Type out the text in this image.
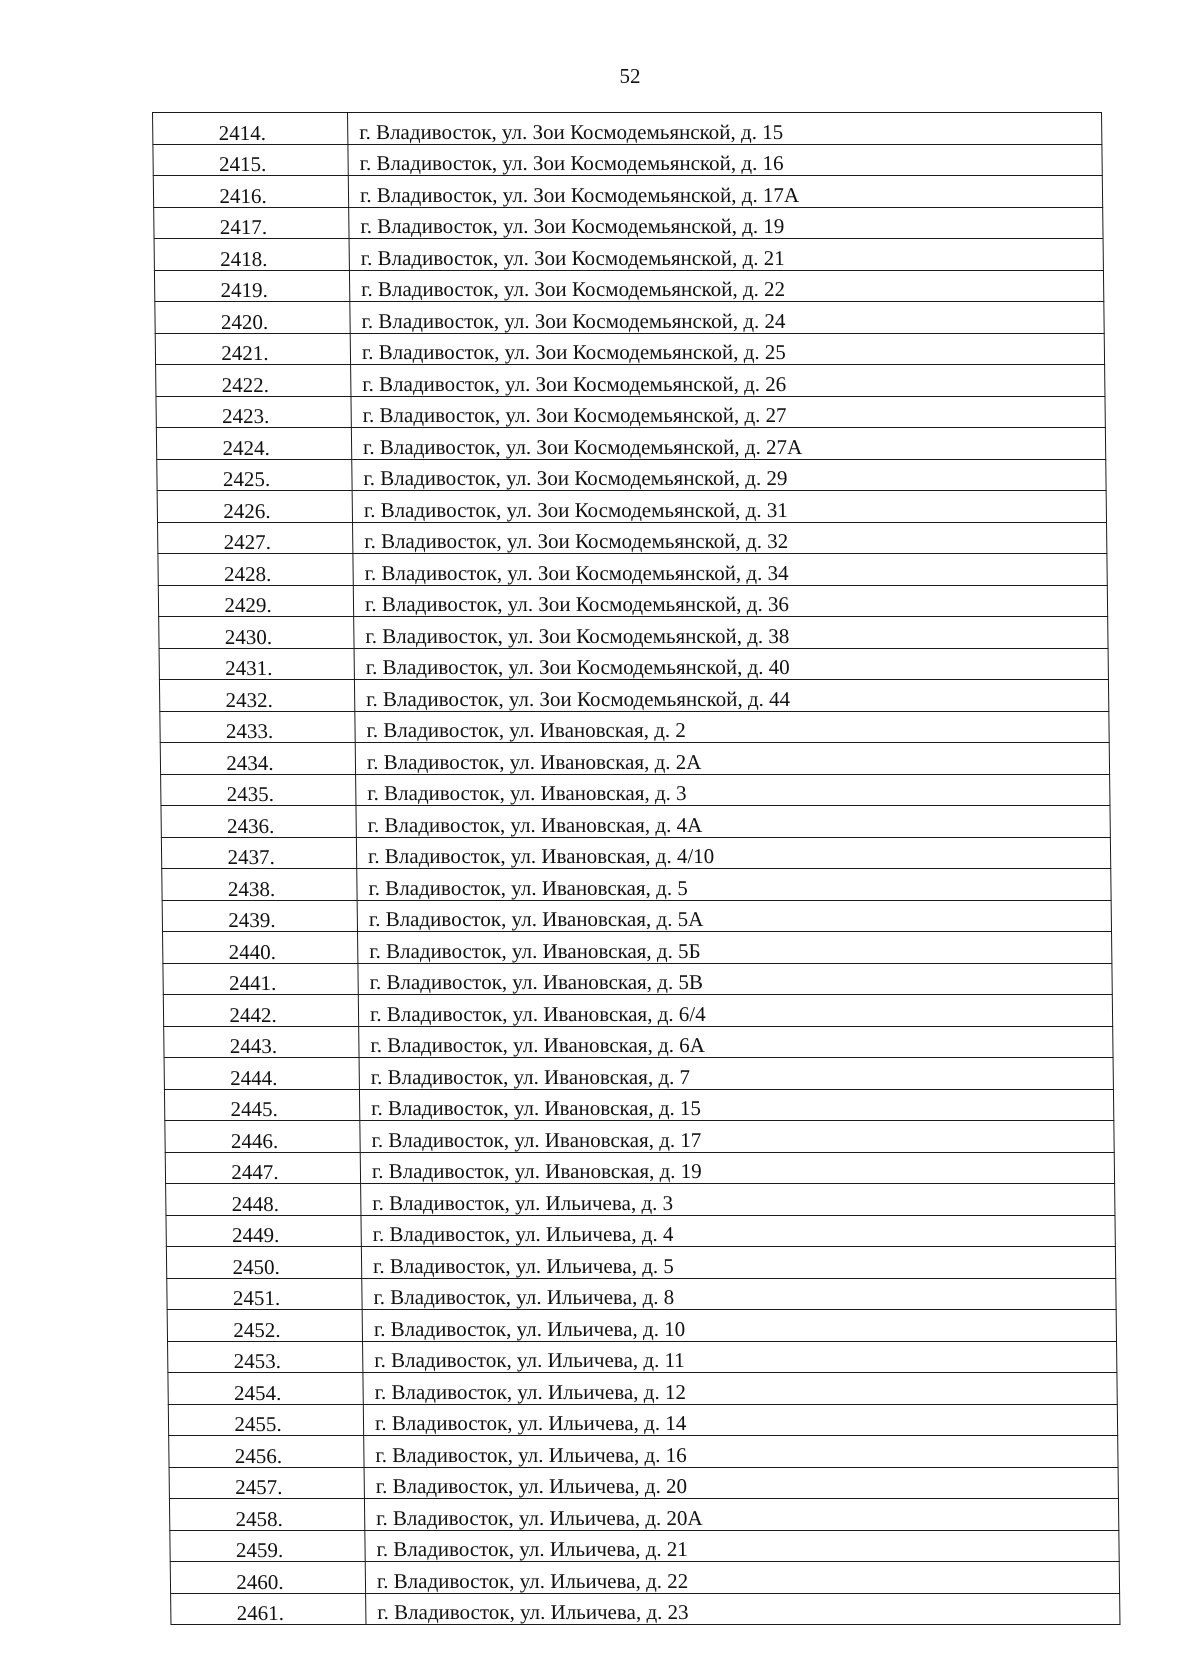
52
2414.	г. Владивосток, ул. Зои Космодемьянской, д. 15
2415.	г. Владивосток, ул. Зои Космодемьянской, д. 16
2416.	г. Владивосток, ул. Зои Космодемьянской, д. 17А
2417.	г. Владивосток, ул. Зои Космодемьянской, д. 19
2418.	г. Владивосток, ул. Зои Космодемьянской, д. 21
2419.	г. Владивосток, ул. Зои Космодемьянской, д. 22
2420.	г. Владивосток, ул. Зои Космодемьянской, д. 24
2421.	г. Владивосток, ул. Зои Космодемьянской, д. 25
2422.	г. Владивосток, ул. Зои Космодемьянской, д. 26
2423.	г. Владивосток, ул. Зои Космодемьянской, д. 27
2424.	г. Владивосток, ул. Зои Космодемьянской, д. 27А
2425.	г. Владивосток, ул. Зои Космодемьянской, д. 29
2426.	г. Владивосток, ул. Зои Космодемьянской, д. 31
2427.	г. Владивосток, ул. Зои Космодемьянской, д. 32
2428.	г. Владивосток, ул. Зои Космодемьянской, д. 34
2429.	г. Владивосток, ул. Зои Космодемьянской, д. 36
2430.	г. Владивосток, ул. Зои Космодемьянской, д. 38
2431.	г. Владивосток, ул. Зои Космодемьянской, д. 40
2432.	г. Владивосток, ул. Зои Космодемьянской, д. 44
2433.	г. Владивосток, ул. Ивановская, д. 2
2434.	г. Владивосток, ул. Ивановская, д. 2А
2435.	г. Владивосток, ул. Ивановская, д. 3
2436.	г. Владивосток, ул. Ивановская, д. 4А
2437.	г. Владивосток, ул. Ивановская, д. 4/10
2438.	г. Владивосток, ул. Ивановская, д. 5
2439.	г. Владивосток, ул. Ивановская, д. 5А
2440.	г. Владивосток, ул. Ивановская, д. 5Б
2441.	г. Владивосток, ул. Ивановская, д. 5В
2442.	г. Владивосток, ул. Ивановская, д. 6/4
2443.	г. Владивосток, ул. Ивановская, д. 6А
2444.	г. Владивосток, ул. Ивановская, д. 7
2445.	г. Владивосток, ул. Ивановская, д. 15
2446.	г. Владивосток, ул. Ивановская, д. 17
2447.	г. Владивосток, ул. Ивановская, д. 19
2448.	г. Владивосток, ул. Ильичева, д. 3
2449.	г. Владивосток, ул. Ильичева, д. 4
2450.	г. Владивосток, ул. Ильичева, д. 5
2451.	г. Владивосток, ул. Ильичева, д. 8
2452.	г. Владивосток, ул. Ильичева, д. 10
2453.	г. Владивосток, ул. Ильичева, д. 11
2454.	г. Владивосток, ул. Ильичева, д. 12
2455.	г. Владивосток, ул. Ильичева, д. 14
2456.	г. Владивосток, ул. Ильичева, д. 16
2457.	г. Владивосток, ул. Ильичева, д. 20
2458.	г. Владивосток, ул. Ильичева, д. 20А
2459.	г. Владивосток, ул. Ильичева, д. 21
2460.	г. Владивосток, ул. Ильичева, д. 22
2461.	г. Владивосток, ул. Ильичева, д. 23
